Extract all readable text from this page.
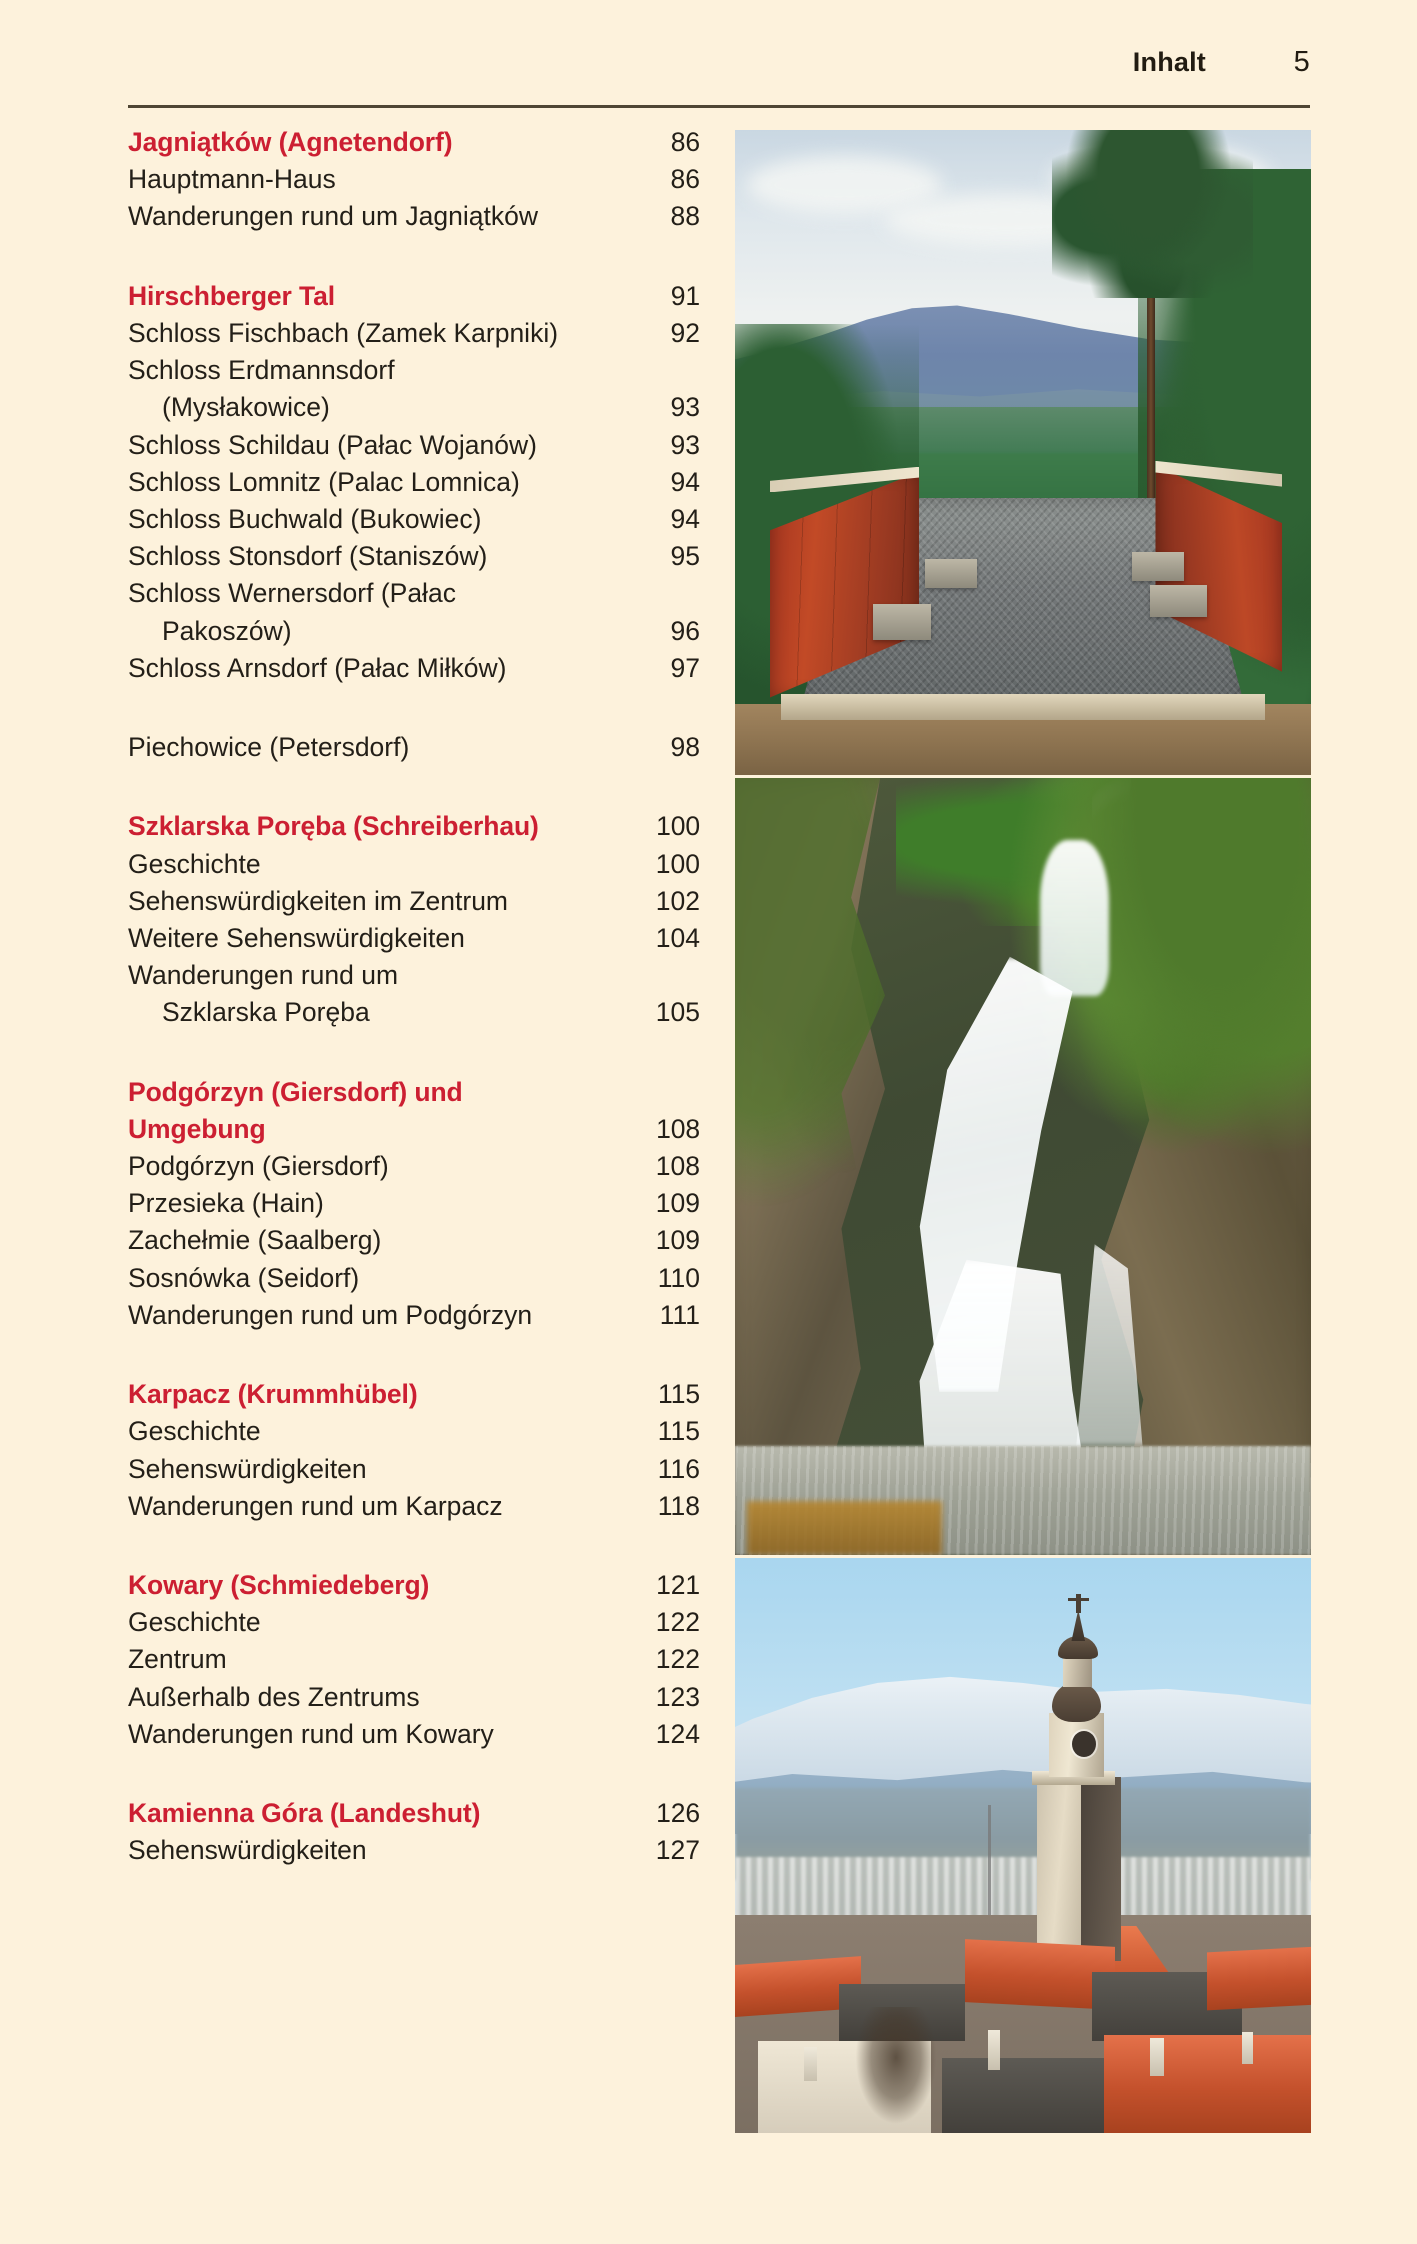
Inhalt	5
Jagniątków (Agnetendorf)	86
Hauptmann-Haus	86
Wanderungen rund um Jagniątków	88
Hirschberger Tal	91
Schloss Fischbach (Zamek Karpniki)	92
Schloss Erdmannsdorf
(Mysłakowice)	93
Schloss Schildau (Pałac Wojanów)	93
Schloss Lomnitz (Palac Lomnica)	94
Schloss Buchwald (Bukowiec)	94
Schloss Stonsdorf (Staniszów)	95
Schloss Wernersdorf (Pałac
Pakoszów)	96
Schloss Arnsdorf (Pałac Miłków)	97
Piechowice (Petersdorf)	98
Szklarska Poręba (Schreiberhau)	100
Geschichte	100
Sehenswürdigkeiten im Zentrum	102
Weitere Sehenswürdigkeiten	104
Wanderungen rund um
Szklarska Poręba	105
Podgórzyn (Giersdorf) und
Umgebung	108
Podgórzyn (Giersdorf)	108
Przesieka (Hain)	109
Zachełmie (Saalberg)	109
Sosnówka (Seidorf)	110
Wanderungen rund um Podgórzyn	111
Karpacz (Krummhübel)	115
Geschichte	115
Sehenswürdigkeiten	116
Wanderungen rund um Karpacz	118
Kowary (Schmiedeberg)	121
Geschichte	122
Zentrum	122
Außerhalb des Zentrums	123
Wanderungen rund um Kowary	124
Kamienna Góra (Landeshut)	126
Sehenswürdigkeiten	127
